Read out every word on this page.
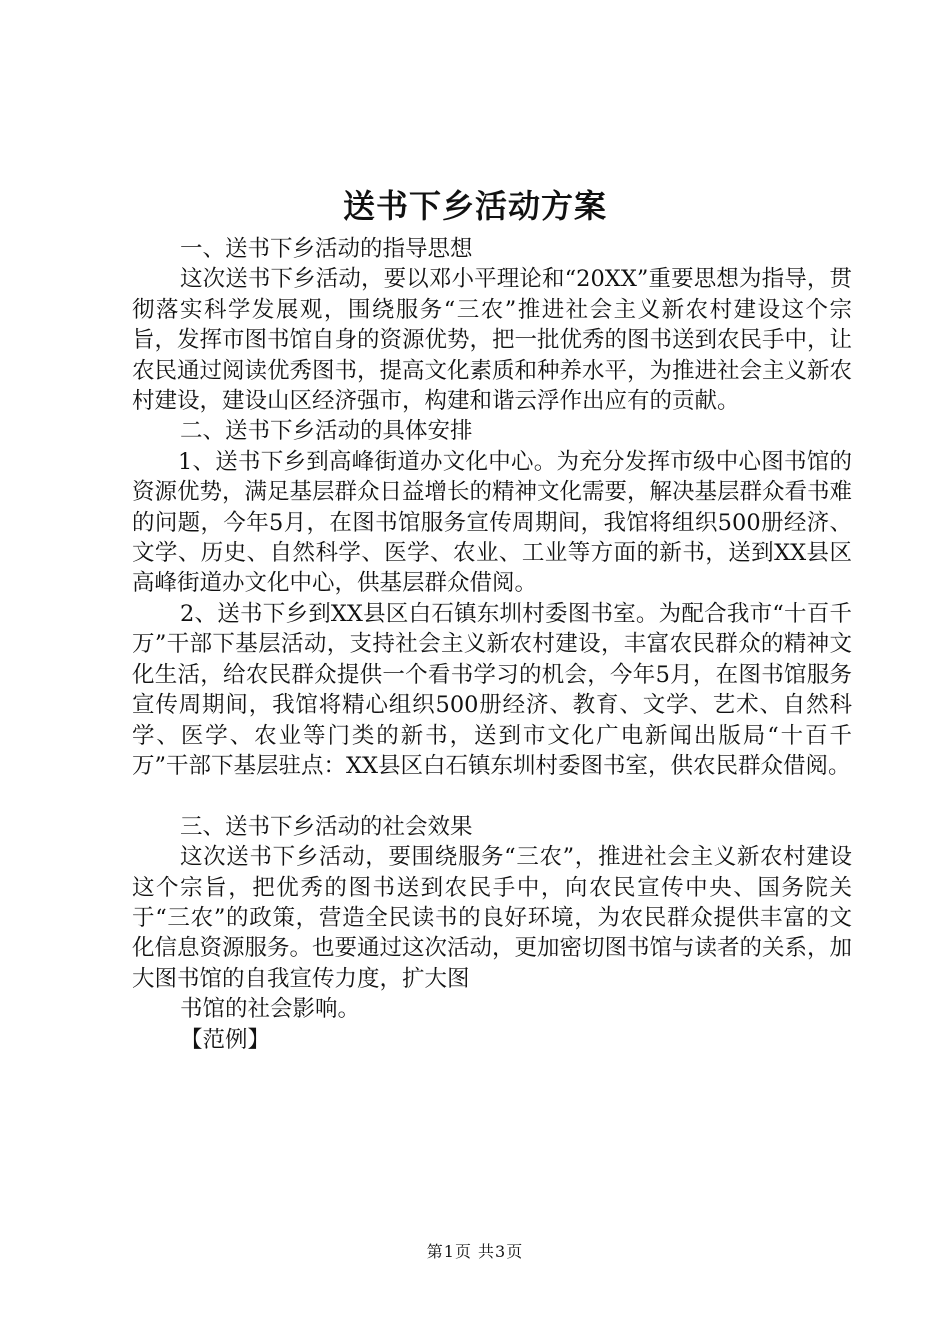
送书下乡活动方案

一、送书下乡活动的指导思想

这次送书下乡活动，要以邓小平理论和“20XX”重要思想为指导，贯彻落实科学发展观，围绕服务“三农”推进社会主义新农村建设这个宗旨，发挥市图书馆自身的资源优势，把一批优秀的图书送到农民手中，让农民通过阅读优秀图书，提高文化素质和种养水平，为推进社会主义新农村建设，建设山区经济强市，构建和谐云浮作出应有的贡献。

二、送书下乡活动的具体安排

1、送书下乡到高峰街道办文化中心。为充分发挥市级中心图书馆的资源优势，满足基层群众日益增长的精神文化需要，解决基层群众看书难的问题，今年5月，在图书馆服务宣传周期间，我馆将组织500册经济、文学、历史、自然科学、医学、农业、工业等方面的新书，送到XX县区高峰街道办文化中心，供基层群众借阅。

2、送书下乡到XX县区白石镇东圳村委图书室。为配合我市“十百千万”干部下基层活动，支持社会主义新农村建设，丰富农民群众的精神文化生活，给农民群众提供一个看书学习的机会，今年5月，在图书馆服务宣传周期间，我馆将精心组织500册经济、教育、文学、艺术、自然科学、医学、农业等门类的新书，送到市文化广电新闻出版局“十百千万”干部下基层驻点：XX县区白石镇东圳村委图书室，供农民群众借阅。

三、送书下乡活动的社会效果

这次送书下乡活动，要围绕服务“三农”，推进社会主义新农村建设这个宗旨，把优秀的图书送到农民手中，向农民宣传中央、国务院关于“三农”的政策，营造全民读书的良好环境，为农民群众提供丰富的文化信息资源服务。也要通过这次活动，更加密切图书馆与读者的关系，加大图书馆的自我宣传力度，扩大图

书馆的社会影响。

【范例】

第1页 共3页
